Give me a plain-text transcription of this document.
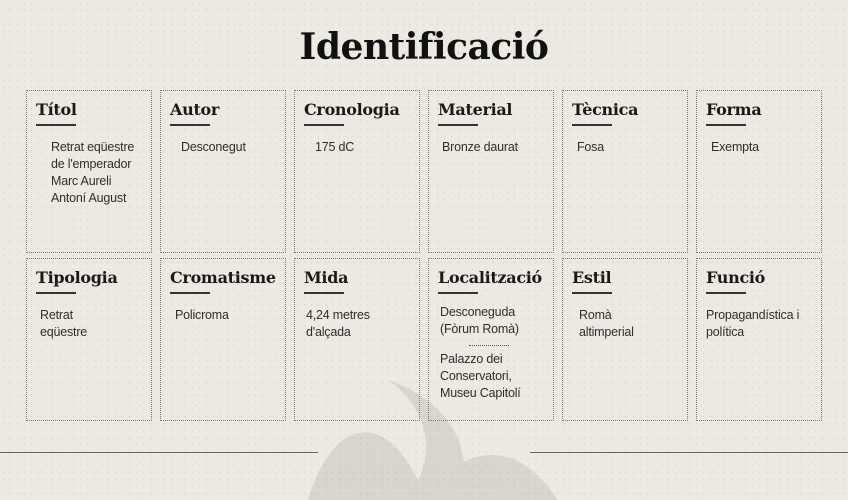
Identificació
Títol
Retrat eqüestre de l'emperador Marc Aureli Antoní August
Autor
Desconegut
Cronologia
175 dC
Material
Bronze daurat
Tècnica
Fosa
Forma
Exempta
Tipologia
Retrat eqüestre
Cromatisme
Policroma
Mida
4,24 metres d'alçada
Localització
Desconeguda (Fòrum Romà)
Palazzo dei Conservatori, Museu Capitolí
Estil
Romà altimperial
Funció
Propagandística i política
